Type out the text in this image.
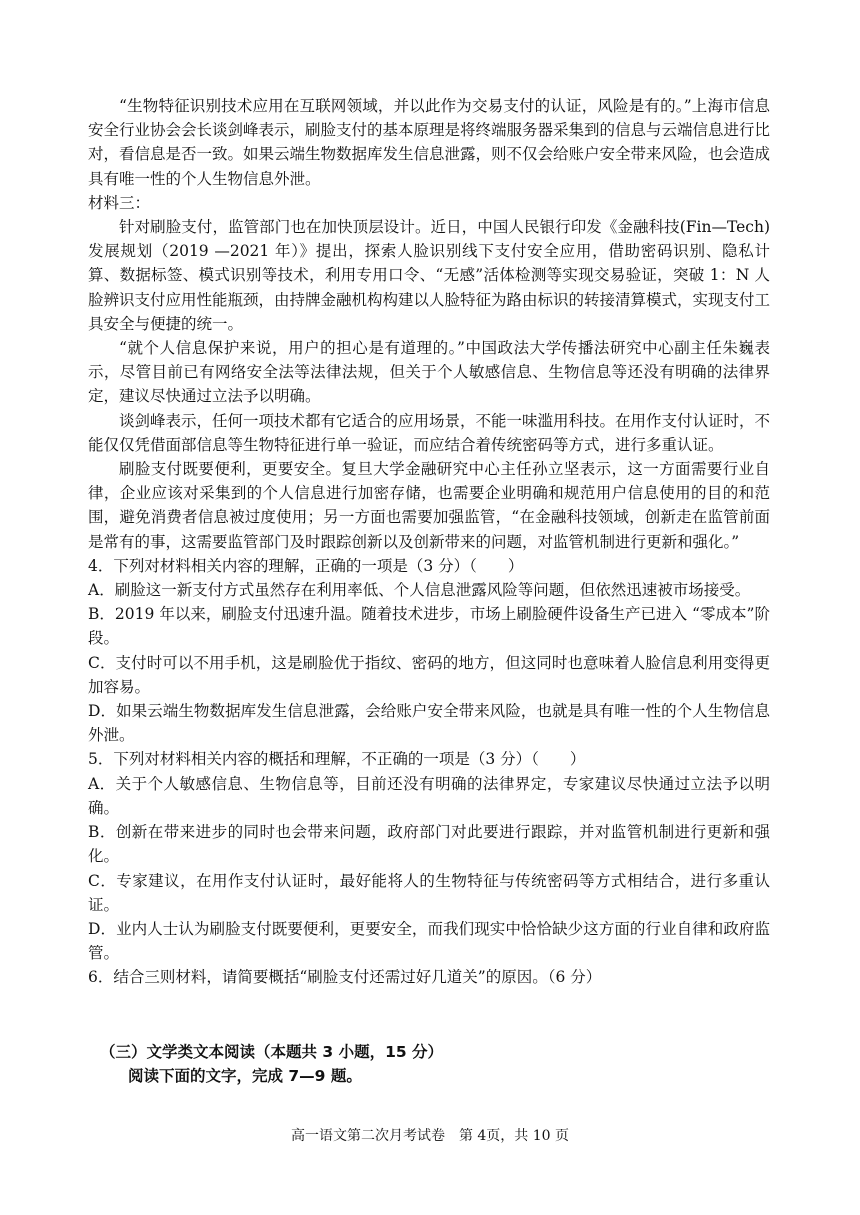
“生物特征识别技术应用在互联网领域，并以此作为交易支付的认证，风险是有的。”上海市信息安全行业协会会长谈剑峰表示，刷脸支付的基本原理是将终端服务器采集到的信息与云端信息进行比对，看信息是否一致。如果云端生物数据库发生信息泄露，则不仅会给账户安全带来风险，也会造成具有唯一性的个人生物信息外泄。

材料三：

针对刷脸支付，监管部门也在加快顶层设计。近日，中国人民银行印发《金融科技(Fin—Tech)发展规划（2019 —2021 年）》提出，探索人脸识别线下支付安全应用，借助密码识别、隐私计算、数据标签、模式识别等技术，利用专用口令、“无感”活体检测等实现交易验证，突破 1：N 人脸辨识支付应用性能瓶颈，由持牌金融机构构建以人脸特征为路由标识的转接清算模式，实现支付工具安全与便捷的统一。

“就个人信息保护来说，用户的担心是有道理的。”中国政法大学传播法研究中心副主任朱巍表示，尽管目前已有网络安全法等法律法规，但关于个人敏感信息、生物信息等还没有明确的法律界定，建议尽快通过立法予以明确。

谈剑峰表示，任何一项技术都有它适合的应用场景，不能一味滥用科技。在用作支付认证时，不能仅仅凭借面部信息等生物特征进行单一验证，而应结合着传统密码等方式，进行多重认证。

刷脸支付既要便利，更要安全。复旦大学金融研究中心主任孙立坚表示，这一方面需要行业自律，企业应该对采集到的个人信息进行加密存储，也需要企业明确和规范用户信息使用的目的和范围，避免消费者信息被过度使用；另一方面也需要加强监管，“在金融科技领域，创新走在监管前面是常有的事，这需要监管部门及时跟踪创新以及创新带来的问题，对监管机制进行更新和强化。”

4．下列对材料相关内容的理解，正确的一项是（3 分）（　　）

A．刷脸这一新支付方式虽然存在利用率低、个人信息泄露风险等问题，但依然迅速被市场接受。

B．2019 年以来，刷脸支付迅速升温。随着技术进步，市场上刷脸硬件设备生产已进入 “零成本”阶段。

C．支付时可以不用手机，这是刷脸优于指纹、密码的地方，但这同时也意味着人脸信息利用变得更加容易。

D．如果云端生物数据库发生信息泄露，会给账户安全带来风险，也就是具有唯一性的个人生物信息外泄。

5．下列对材料相关内容的概括和理解，不正确的一项是（3 分）（　　）

A．关于个人敏感信息、生物信息等，目前还没有明确的法律界定，专家建议尽快通过立法予以明确。

B．创新在带来进步的同时也会带来问题，政府部门对此要进行跟踪，并对监管机制进行更新和强化。

C．专家建议，在用作支付认证时，最好能将人的生物特征与传统密码等方式相结合，进行多重认证。

D．业内人士认为刷脸支付既要便利，更要安全，而我们现实中恰恰缺少这方面的行业自律和政府监管。

6．结合三则材料，请简要概括“刷脸支付还需过好几道关”的原因。（6 分）

（三）文学类文本阅读（本题共 3 小题，15 分）
阅读下面的文字，完成 7—9 题。
高一语文第二次月考试卷　第 4页，共 10 页
